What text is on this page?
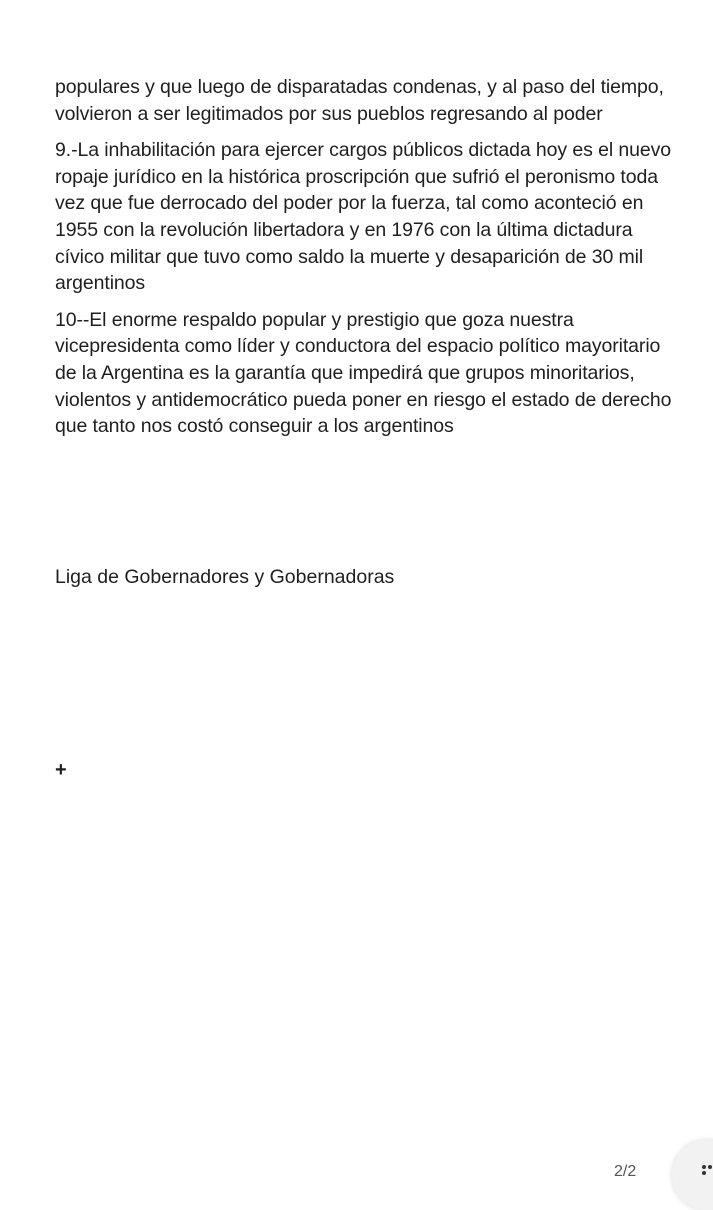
populares y que luego de disparatadas condenas, y al paso del tiempo, volvieron a ser legitimados por sus pueblos regresando al poder

9.-La inhabilitación para ejercer cargos públicos dictada hoy es el nuevo ropaje jurídico en la histórica proscripción que sufrió el peronismo toda vez que fue derrocado del poder por la fuerza, tal como aconteció en 1955 con la revolución libertadora y en 1976 con la última dictadura cívico militar que tuvo como saldo la muerte y desaparición de 30 mil argentinos

10--El enorme respaldo popular y prestigio que goza nuestra vicepresidenta como líder y conductora del espacio político mayoritario de la Argentina es la garantía que impedirá que grupos minoritarios, violentos y antidemocrático pueda poner en riesgo el estado de derecho que tanto nos costó conseguir a los argentinos

Liga de Gobernadores y Gobernadoras

+
2/2
